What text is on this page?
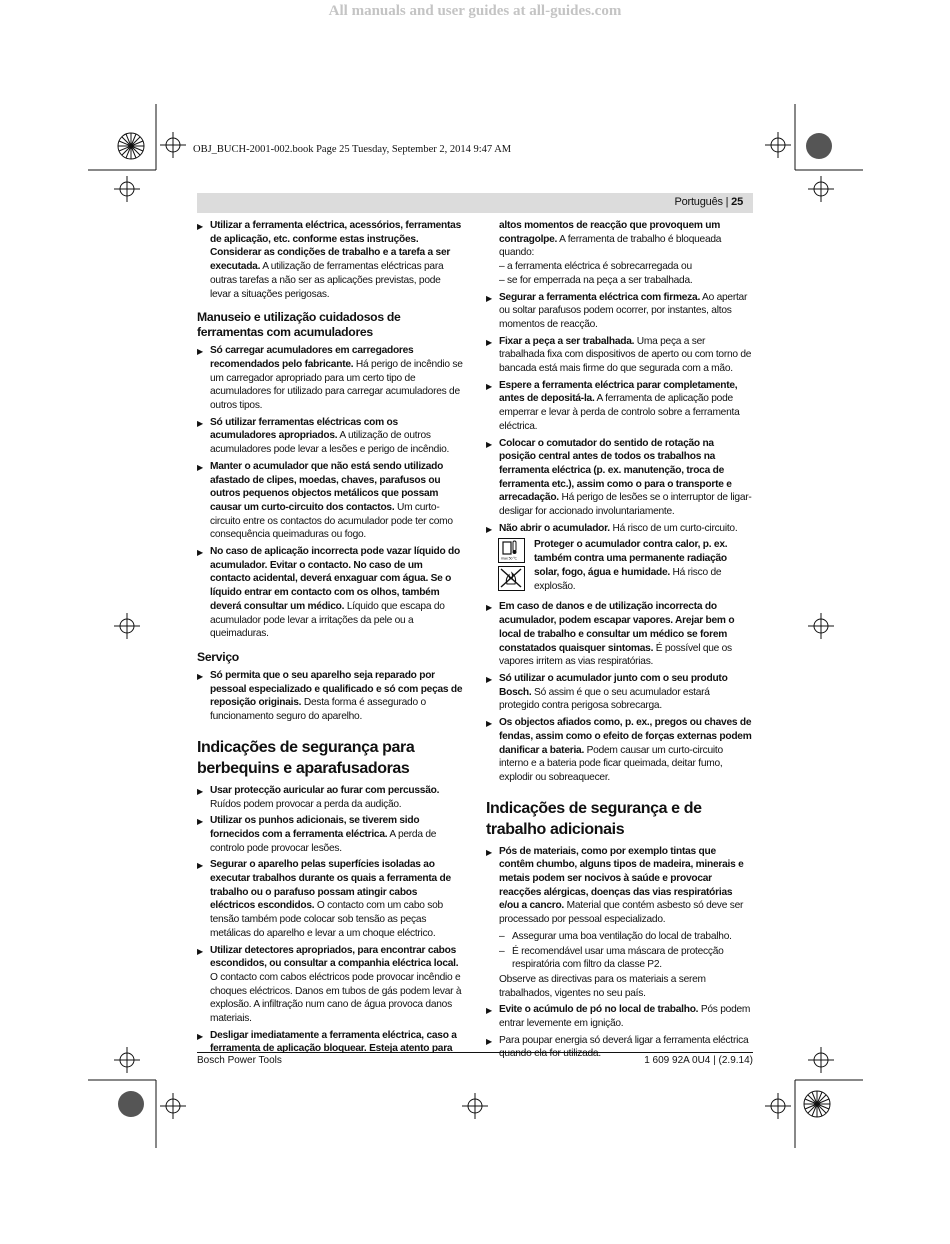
All manuals and user guides at all-guides.com
OBJ_BUCH-2001-002.book Page 25 Tuesday, September 2, 2014 9:47 AM
Português | 25
▶ Utilizar a ferramenta eléctrica, acessórios, ferramentas de aplicação, etc. conforme estas instruções. Considerar as condições de trabalho e a tarefa a ser executada. A utilização de ferramentas eléctricas para outras tarefas a não ser as aplicações previstas, pode levar a situações perigosas.
Manuseio e utilização cuidadosos de ferramentas com acumuladores
▶ Só carregar acumuladores em carregadores recomendados pelo fabricante. Há perigo de incêndio se um carregador apropriado para um certo tipo de acumuladores for utilizado para carregar acumuladores de outros tipos.
▶ Só utilizar ferramentas eléctricas com os acumuladores apropriados. A utilização de outros acumuladores pode levar a lesões e perigo de incêndio.
▶ Manter o acumulador que não está sendo utilizado afastado de clipes, moedas, chaves, parafusos ou outros pequenos objectos metálicos que possam causar um curto-circuito dos contactos. Um curto-circuito entre os contactos do acumulador pode ter como consequência queimaduras ou fogo.
▶ No caso de aplicação incorrecta pode vazar líquido do acumulador. Evitar o contacto. No caso de um contacto acidental, deverá enxaguar com água. Se o líquido entrar em contacto com os olhos, também deverá consultar um médico. Líquido que escapa do acumulador pode levar a irritações da pele ou a queimaduras.
Serviço
▶ Só permita que o seu aparelho seja reparado por pessoal especializado e qualificado e só com peças de reposição originais. Desta forma é assegurado o funcionamento seguro do aparelho.
Indicações de segurança para berbequins e aparafusadoras
▶ Usar protecção auricular ao furar com percussão. Ruídos podem provocar a perda da audição.
▶ Utilizar os punhos adicionais, se tiverem sido fornecidos com a ferramenta eléctrica. A perda de controlo pode provocar lesões.
▶ Segurar o aparelho pelas superfícies isoladas ao executar trabalhos durante os quais a ferramenta de trabalho ou o parafuso possam atingir cabos eléctricos escondidos. O contacto com um cabo sob tensão também pode colocar sob tensão as peças metálicas do aparelho e levar a um choque eléctrico.
▶ Utilizar detectores apropriados, para encontrar cabos escondidos, ou consultar a companhia eléctrica local. O contacto com cabos eléctricos pode provocar incêndio e choques eléctricos. Danos em tubos de gás podem levar à explosão. A infiltração num cano de água provoca danos materiais.
▶ Desligar imediatamente a ferramenta eléctrica, caso a ferramenta de aplicação bloquear. Esteja atento para
altos momentos de reacção que provoquem um contragolpe. A ferramenta de trabalho é bloqueada quando:
– a ferramenta eléctrica é sobrecarregada ou
– se for emperrada na peça a ser trabalhada.
▶ Segurar a ferramenta eléctrica com firmeza. Ao apertar ou soltar parafusos podem ocorrer, por instantes, altos momentos de reacção.
▶ Fixar a peça a ser trabalhada. Uma peça a ser trabalhada fixa com dispositivos de aperto ou com torno de bancada está mais firme do que segurada com a mão.
▶ Espere a ferramenta eléctrica parar completamente, antes de depositá-la. A ferramenta de aplicação pode emperrar e levar à perda de controlo sobre a ferramenta eléctrica.
▶ Colocar o comutador do sentido de rotação na posição central antes de todos os trabalhos na ferramenta eléctrica (p. ex. manutenção, troca de ferramenta etc.), assim como o para o transporte e arrecadação. Há perigo de lesões se o interruptor de ligar-desligar for accionado involuntariamente.
▶ Não abrir o acumulador. Há risco de um curto-circuito.
max 50 °C
Proteger o acumulador contra calor, p. ex. também contra uma permanente radiação solar, fogo, água e humidade. Há risco de explosão.
▶ Em caso de danos e de utilização incorrecta do acumulador, podem escapar vapores. Arejar bem o local de trabalho e consultar um médico se forem constatados quaisquer sintomas. É possível que os vapores irritem as vias respiratórias.
▶ Só utilizar o acumulador junto com o seu produto Bosch. Só assim é que o seu acumulador estará protegido contra perigosa sobrecarga.
▶ Os objectos afiados como, p. ex., pregos ou chaves de fendas, assim como o efeito de forças externas podem danificar a bateria. Podem causar um curto-circuito interno e a bateria pode ficar queimada, deitar fumo, explodir ou sobreaquecer.
Indicações de segurança e de trabalho adicionais
▶ Pós de materiais, como por exemplo tintas que contêm chumbo, alguns tipos de madeira, minerais e metais podem ser nocivos à saúde e provocar reacções alérgicas, doenças das vias respiratórias e/ou a cancro. Material que contém asbesto só deve ser processado por pessoal especializado.
– Assegurar uma boa ventilação do local de trabalho.
– É recomendável usar uma máscara de protecção respiratória com filtro da classe P2.
Observe as directivas para os materiais a serem trabalhados, vigentes no seu país.
▶ Evite o acúmulo de pó no local de trabalho. Pós podem entrar levemente em ignição.
▶ Para poupar energia só deverá ligar a ferramenta eléctrica quando ela for utilizada.
Bosch Power Tools	1 609 92A 0U4 | (2.9.14)
